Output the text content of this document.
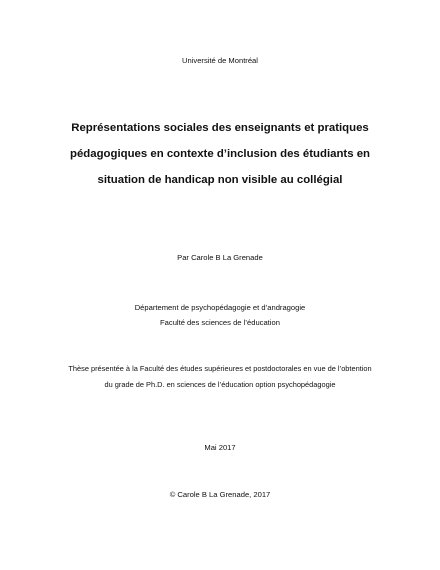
Université de Montréal
Représentations sociales des enseignants et pratiques
pédagogiques en contexte d’inclusion des étudiants en
situation de handicap non visible au collégial
Par Carole B La Grenade
Département de psychopédagogie et d’andragogie
Faculté des sciences de l’éducation
Thèse présentée à la Faculté des études supérieures et postdoctorales en vue de l’obtention
du grade de Ph.D. en sciences de l’éducation option psychopédagogie
Mai 2017
© Carole B La Grenade, 2017
